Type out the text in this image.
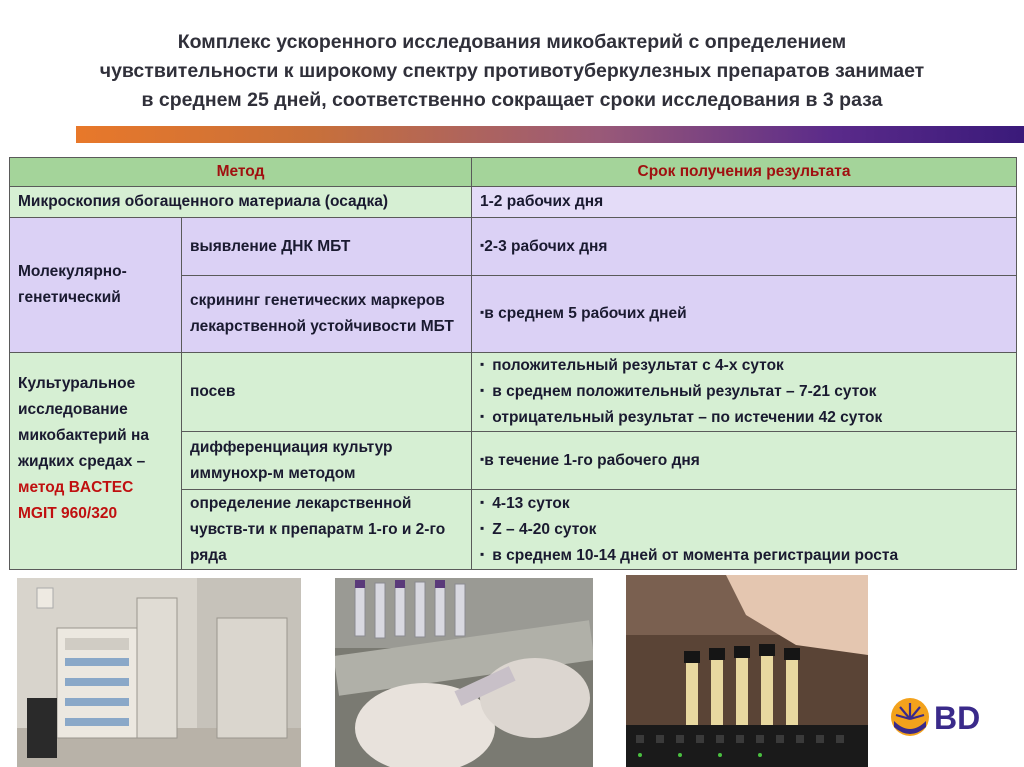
Комплекс ускоренного исследования микобактерий с определением
чувствительности к широкому спектру противотуберкулезных препаратов занимает
в среднем 25 дней, соответственно сокращает сроки исследования в 3 раза
Метод		Срок получения результата
Микроскопия обогащенного материала (осадка)		1-2 рабочих дня
Молекулярно-генетический	выявление ДНК МБТ	▪ 2-3 рабочих дня

	скрининг генетических маркеров лекарственной устойчивости МБТ	▪ в среднем 5 рабочих дней

Культуральное исследование микобактерий на жидких средах – метод BACTEC MGIT 960/320	посев	▪ положительный результат с 4-х суток
▪ в среднем положительный результат – 7-21 суток
▪ отрицательный результат – по истечении 42 суток

	дифференциация культур иммунохр-м методом	▪ в течение 1-го рабочего дня

	определение лекарственной чувств-ти к препаратм 1-го и 2-го ряда	▪ 4-13 суток
▪ Z – 4-20 суток
▪ в среднем 10-14 дней от момента регистрации роста
BD
